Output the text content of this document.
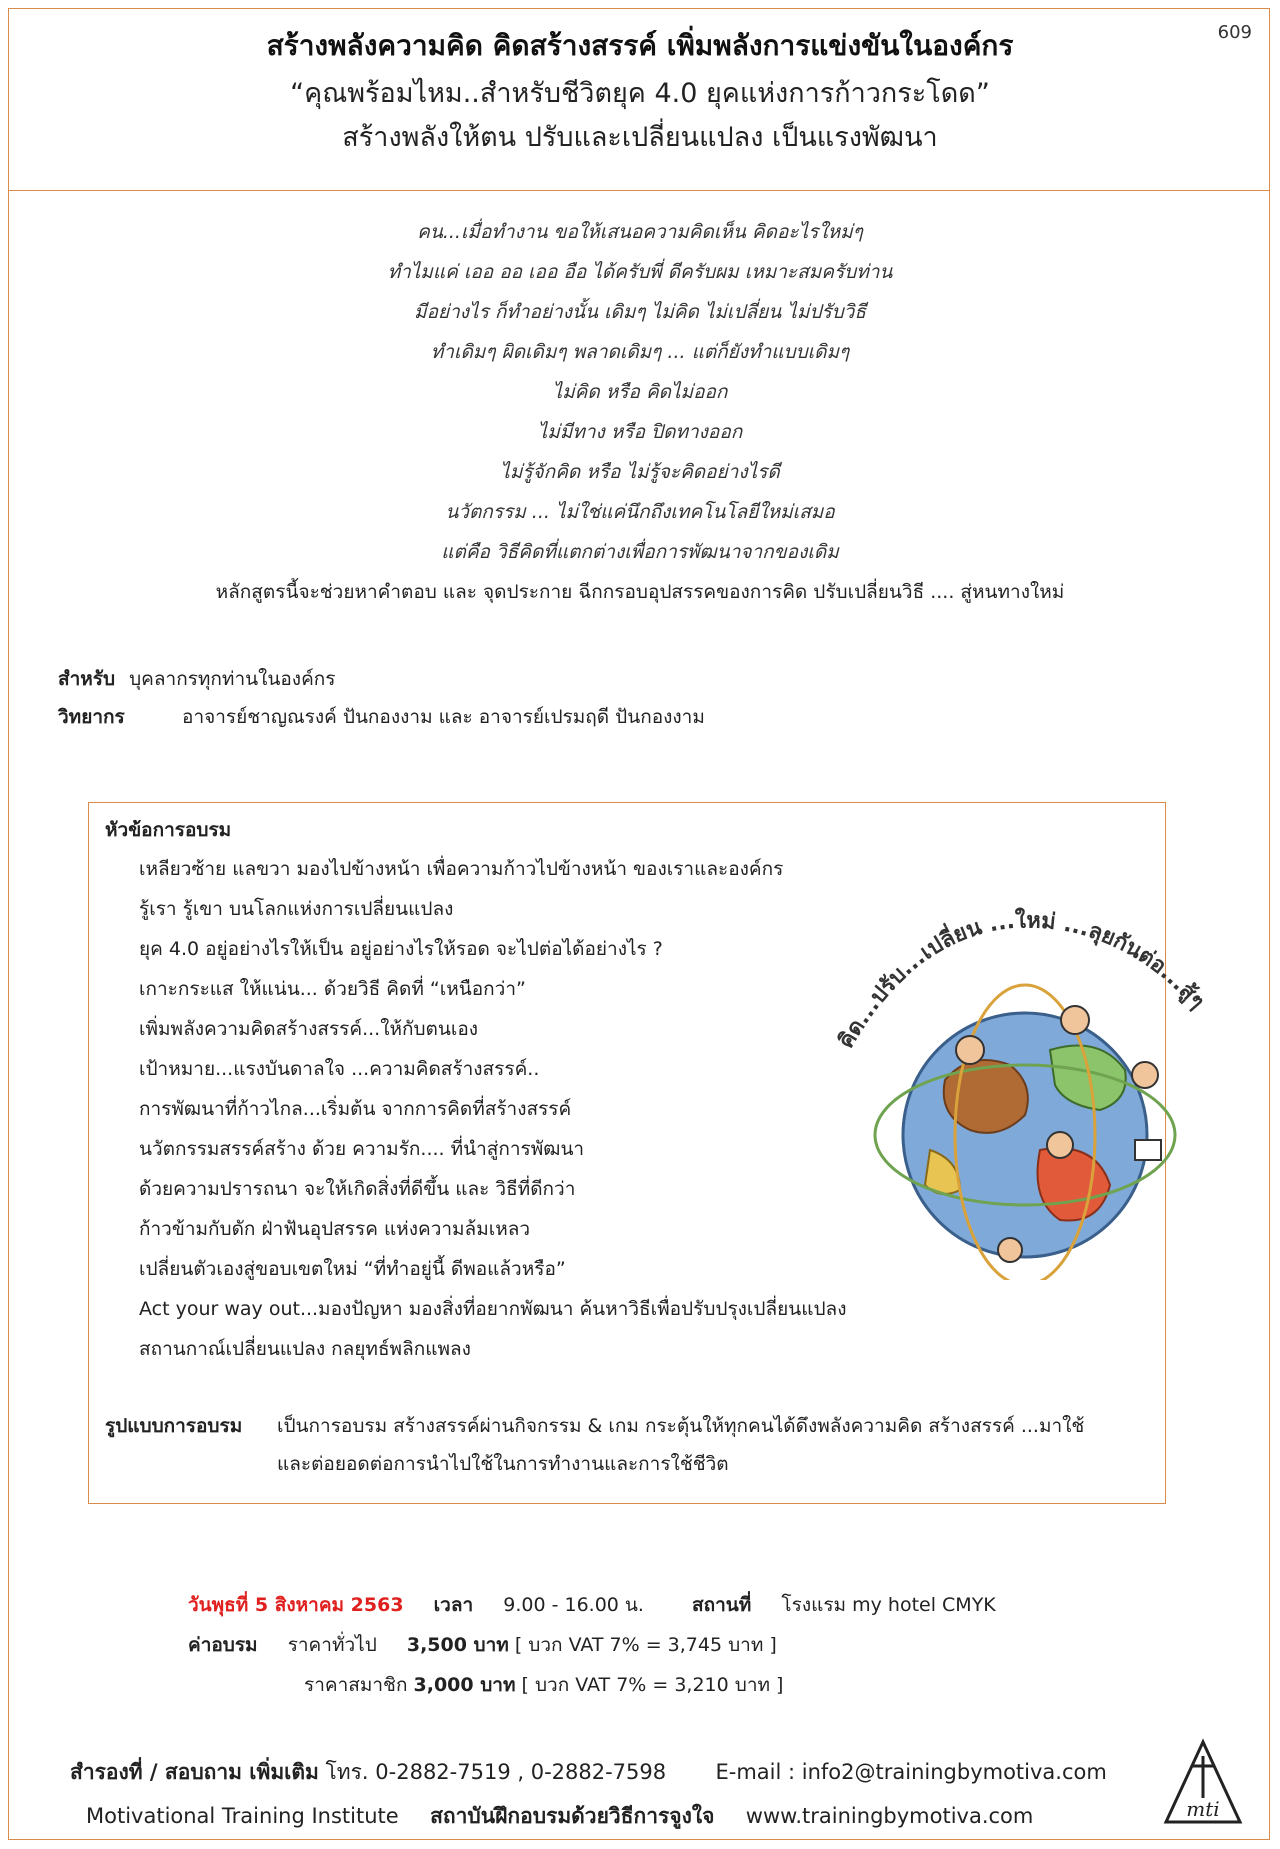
609

สร้างพลังความคิด คิดสร้างสรรค์ เพิ่มพลังการแข่งขันในองค์กร

“คุณพร้อมไหม..สำหรับชีวิตยุค 4.0 ยุคแห่งการก้าวกระโดด”

สร้างพลังให้ตน ปรับและเปลี่ยนแปลง เป็นแรงพัฒนา

คน...เมื่อทำงาน ขอให้เสนอความคิดเห็น คิดอะไรใหม่ๆ

ทำไมแค่ เออ ออ เออ อือ ได้ครับพี่ ดีครับผม เหมาะสมครับท่าน

มีอย่างไร ก็ทำอย่างนั้น เดิมๆ ไม่คิด ไม่เปลี่ยน ไม่ปรับวิธี

ทำเดิมๆ ผิดเดิมๆ พลาดเดิมๆ ... แต่ก็ยังทำแบบเดิมๆ

ไม่คิด หรือ คิดไม่ออก

ไม่มีทาง หรือ ปิดทางออก

ไม่รู้จักคิด หรือ ไม่รู้จะคิดอย่างไรดี

นวัตกรรม ... ไม่ใช่แค่นึกถึงเทคโนโลยีใหม่เสมอ

แต่คือ วิธีคิดที่แตกต่างเพื่อการพัฒนาจากของเดิม

หลักสูตรนี้จะช่วยหาคำตอบ และ จุดประกาย ฉีกกรอบอุปสรรคของการคิด ปรับเปลี่ยนวิธี .... สู่หนทางใหม่

สำหรับ บุคลากรทุกท่านในองค์กร
วิทยากร	อาจารย์ชาญณรงค์ ปันกองงาม และ อาจารย์เปรมฤดี ปันกองงาม
หัวข้อการอบรม
เหลียวซ้าย แลขวา มองไปข้างหน้า เพื่อความก้าวไปข้างหน้า ของเราและองค์กร
รู้เรา รู้เขา บนโลกแห่งการเปลี่ยนแปลง
ยุค 4.0 อยู่อย่างไรให้เป็น อยู่อย่างไรให้รอด จะไปต่อได้อย่างไร ?
เกาะกระแส ให้แน่น... ด้วยวิธี คิดที่ “เหนือกว่า”
เพิ่มพลังความคิดสร้างสรรค์...ให้กับตนเอง
เป้าหมาย...แรงบันดาลใจ ...ความคิดสร้างสรรค์..
การพัฒนาที่ก้าวไกล...เริ่มต้น จากการคิดที่สร้างสรรค์
นวัตกรรมสรรค์สร้าง ด้วย ความรัก.... ที่นำสู่การพัฒนา
ด้วยความปรารถนา จะให้เกิดสิ่งที่ดีขึ้น และ วิธีที่ดีกว่า
ก้าวข้ามกับดัก ฝ่าฟันอุปสรรค แห่งความล้มเหลว
เปลี่ยนตัวเองสู่ขอบเขตใหม่ “ที่ทำอยู่นี้ ดีพอแล้วหรือ”
Act your way out...มองปัญหา มองสิ่งที่อยากพัฒนา ค้นหาวิธีเพื่อปรับปรุงเปลี่ยนแปลง
สถานกาณ์เปลี่ยนแปลง กลยุทธ์พลิกแพลง
รูปแบบการอบรม เป็นการอบรม สร้างสรรค์ผ่านกิจกรรม & เกม กระตุ้นให้ทุกคนได้ดึงพลังความคิด สร้างสรรค์ ...มาใช้
และต่อยอดต่อการนำไปใช้ในการทำงานและการใช้ชีวิต
คิด...ปรับ...เปลี่ยน ...ใหม่ ...ลุยกันต่อ...สู้ๆ
วันพุธที่ 5 สิงหาคม 2563 เวลา 9.00 - 16.00 น.	สถานที่ โรงแรม my hotel CMYK
ค่าอบรม ราคาทั่วไป 3,500 บาท [ บวก VAT 7% = 3,745 บาท ]
ราคาสมาชิก 3,000 บาท [ บวก VAT 7% = 3,210 บาท ]
สำรองที่ / สอบถาม เพิ่มเติม โทร. 0-2882-7519 , 0-2882-7598 E-mail : info2@trainingbymotiva.com
Motivational Training Institute สถาบันฝึกอบรมด้วยวิธีการจูงใจ www.trainingbymotiva.com	mti
